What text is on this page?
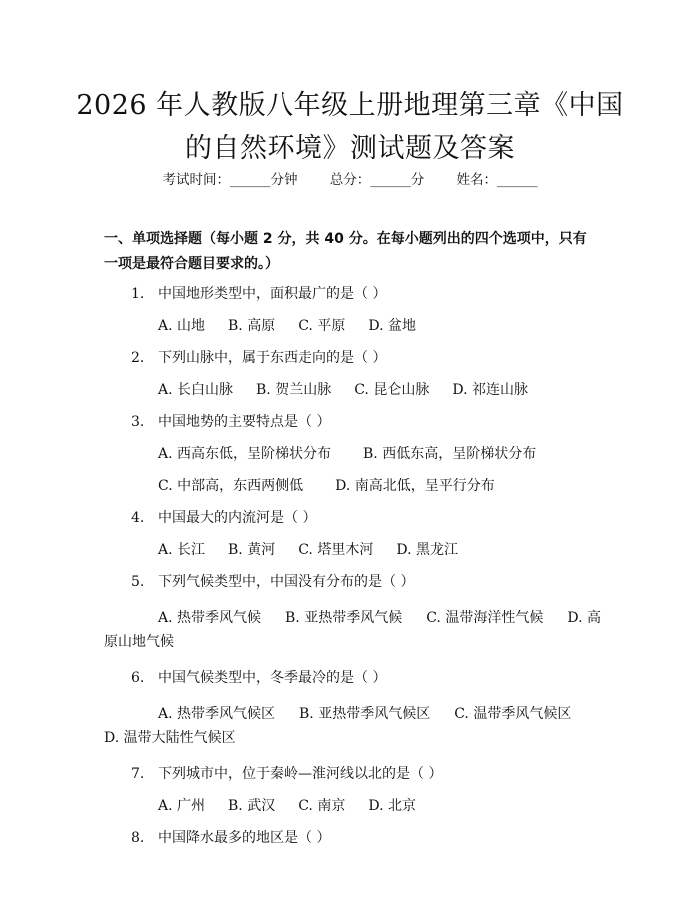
2026 年人教版八年级上册地理第三章《中国
的自然环境》测试题及答案
考试时间：______分钟 总分：______分 姓名：______
一、单项选择题（每小题 2 分，共 40 分。在每小题列出的四个选项中，只有一项是最符合题目要求的。）
1. 中国地形类型中，面积最广的是（ ）
A. 山地 B. 高原 C. 平原 D. 盆地
2. 下列山脉中，属于东西走向的是（ ）
A. 长白山脉 B. 贺兰山脉 C. 昆仑山脉 D. 祁连山脉
3. 中国地势的主要特点是（ ）
A. 西高东低，呈阶梯状分布 B. 西低东高，呈阶梯状分布
C. 中部高，东西两侧低 D. 南高北低，呈平行分布
4. 中国最大的内流河是（ ）
A. 长江 B. 黄河 C. 塔里木河 D. 黑龙江
5. 下列气候类型中，中国没有分布的是（ ）
A. 热带季风气候 B. 亚热带季风气候 C. 温带海洋性气候 D. 高原山地气候
6. 中国气候类型中，冬季最冷的是（ ）
A. 热带季风气候区 B. 亚热带季风气候区 C. 温带季风气候区D. 温带大陆性气候区
7. 下列城市中，位于秦岭—淮河线以北的是（ ）
A. 广州 B. 武汉 C. 南京 D. 北京
8. 中国降水最多的地区是（ ）
